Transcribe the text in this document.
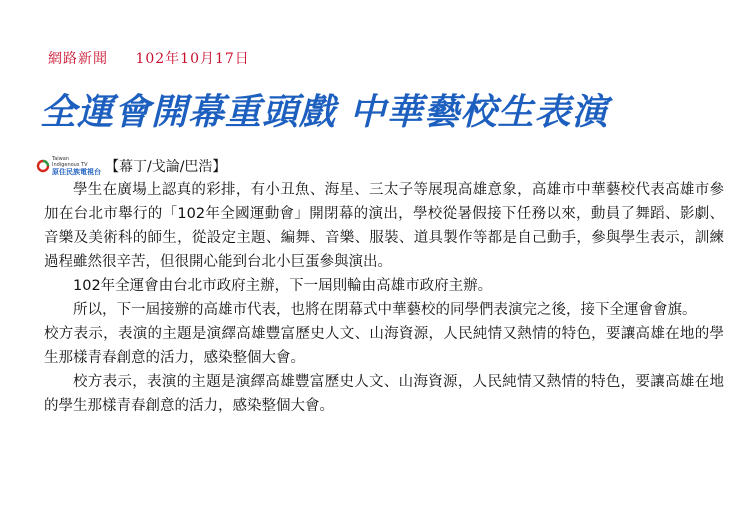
網路新聞 102年10月17日
全運會開幕重頭戲 中華藝校生表演
Taiwan
Indigenous TV
原住民族電視台 【幕丁/戈論/巴浩】

學生在廣場上認真的彩排，有小丑魚、海星、三太子等展現高雄意象，高雄市中華藝校代表高雄市參加在台北市舉行的「102年全國運動會」開閉幕的演出，學校從暑假接下任務以來，動員了舞蹈、影劇、音樂及美術科的師生，從設定主題、編舞、音樂、服裝、道具製作等都是自己動手，參與學生表示，訓練過程雖然很辛苦，但很開心能到台北小巨蛋參與演出。

102年全運會由台北市政府主辦，下一屆則輪由高雄市政府主辦。

所以，下一屆接辦的高雄市代表，也將在閉幕式中華藝校的同學們表演完之後，接下全運會會旗。

校方表示，表演的主題是演繹高雄豐富歷史人文、山海資源，人民純情又熱情的特色，要讓高雄在地的學生那樣青春創意的活力，感染整個大會。

校方表示，表演的主題是演繹高雄豐富歷史人文、山海資源，人民純情又熱情的特色，要讓高雄在地的學生那樣青春創意的活力，感染整個大會。
